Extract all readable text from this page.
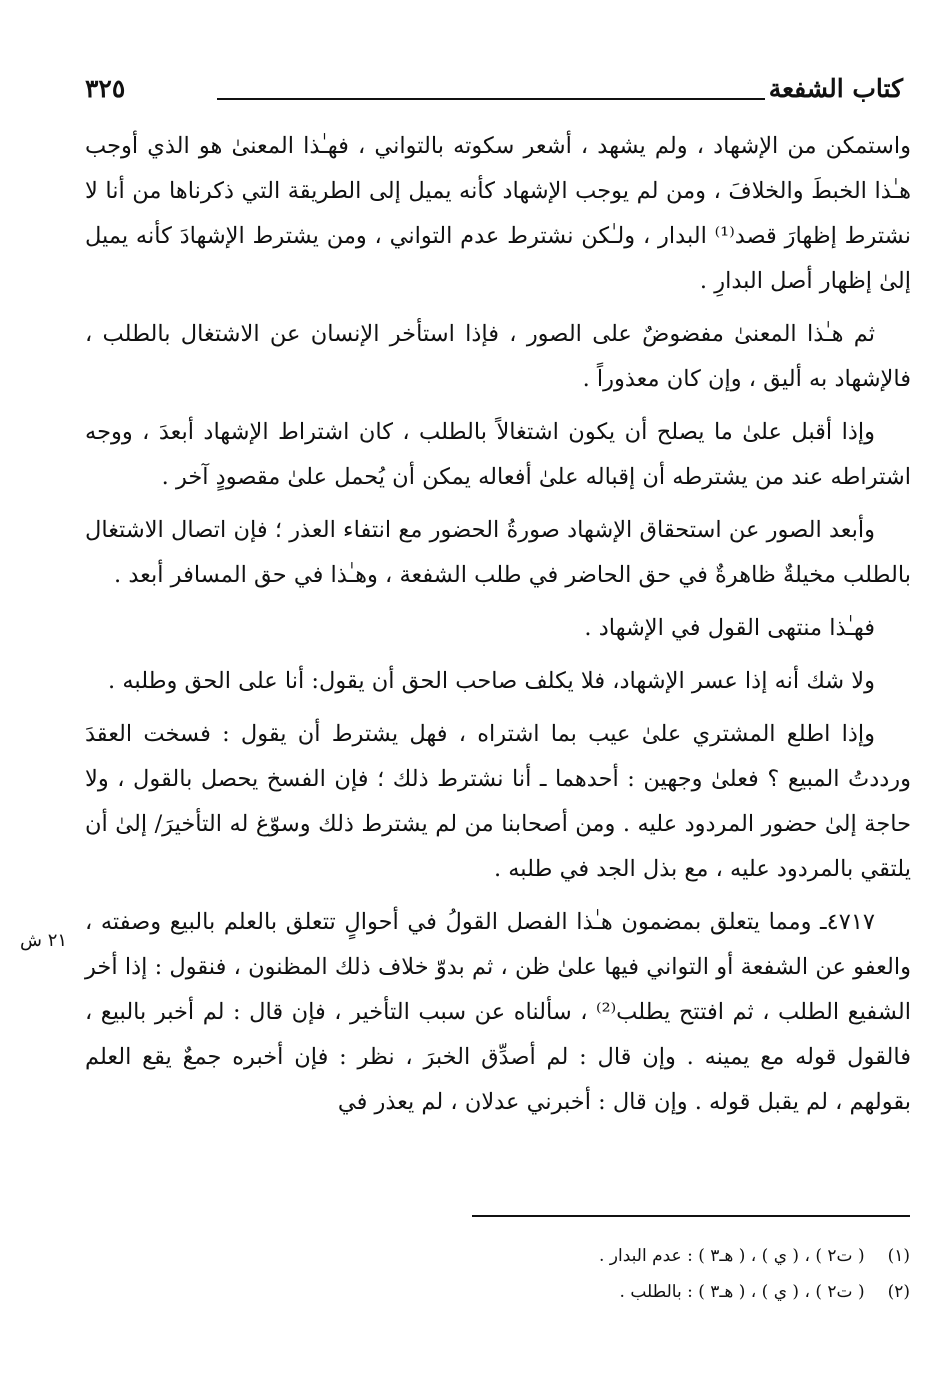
كتاب الشفعة
٣٢٥

واستمكن من الإشهاد ، ولم يشهد ، أشعر سكوته بالتواني ، فهـٰذا المعنىٰ هو الذي أوجب هـٰذا الخبطَ والخلافَ ، ومن لم يوجب الإشهاد كأنه يميل إلى الطريقة التي ذكرناها من أنا لا نشترط إظهارَ قصد⁽¹⁾ البدار ، ولـٰكن نشترط عدم التواني ، ومن يشترط الإشهادَ كأنه يميل إلىٰ إظهار أصل البدارِ .

ثم هـٰذا المعنىٰ مفضوضٌ على الصور ، فإذا استأخر الإنسان عن الاشتغال بالطلب ، فالإشهاد به أليق ، وإن كان معذوراً .

وإذا أقبل علىٰ ما يصلح أن يكون اشتغالاً بالطلب ، كان اشتراط الإشهاد أبعدَ ، ووجه اشتراطه عند من يشترطه أن إقباله علىٰ أفعاله يمكن أن يُحمل علىٰ مقصودٍ آخر .

وأبعد الصور عن استحقاق الإشهاد صورةُ الحضور مع انتفاء العذر ؛ فإن اتصال الاشتغال بالطلب مخيلةٌ ظاهرةٌ في حق الحاضر في طلب الشفعة ، وهـٰذا في حق المسافر أبعد .

فهـٰذا منتهى القول في الإشهاد .

ولا شك أنه إذا عسر الإشهاد، فلا يكلف صاحب الحق أن يقول: أنا على الحق وطلبه .

وإذا اطلع المشتري علىٰ عيب بما اشتراه ، فهل يشترط أن يقول : فسخت العقدَ ورددتُ المبيع ؟ فعلىٰ وجهين : أحدهما ـ أنا نشترط ذلك ؛ فإن الفسخ يحصل بالقول ، ولا حاجة إلىٰ حضور المردود عليه . ومن أصحابنا من لم يشترط ذلك وسوّغ له التأخيرَ/ إلىٰ أن يلتقي بالمردود عليه ، مع بذل الجد في طلبه .

٤٧١٧ـ ومما يتعلق بمضمون هـٰذا الفصل القولُ في أحوالٍ تتعلق بالعلم بالبيع وصفته ، والعفو عن الشفعة أو التواني فيها علىٰ ظن ، ثم بدوّ خلاف ذلك المظنون ، فنقول : إذا أخر الشفيع الطلب ، ثم افتتح يطلب⁽²⁾ ، سألناه عن سبب التأخير ، فإن قال : لم أخبر بالبيع ، فالقول قوله مع يمينه . وإن قال : لم أصدِّق الخبرَ ، نظر : فإن أخبره جمعٌ يقع العلم بقولهم ، لم يقبل قوله . وإن قال : أخبرني عدلان ، لم يعذر في

(١) ( ت٢ ) ، ( ي ) ، ( هـ٣ ) : عدم البدار .

(٢) ( ت٢ ) ، ( ي ) ، ( هـ٣ ) : بالطلب .

٢١ ش
